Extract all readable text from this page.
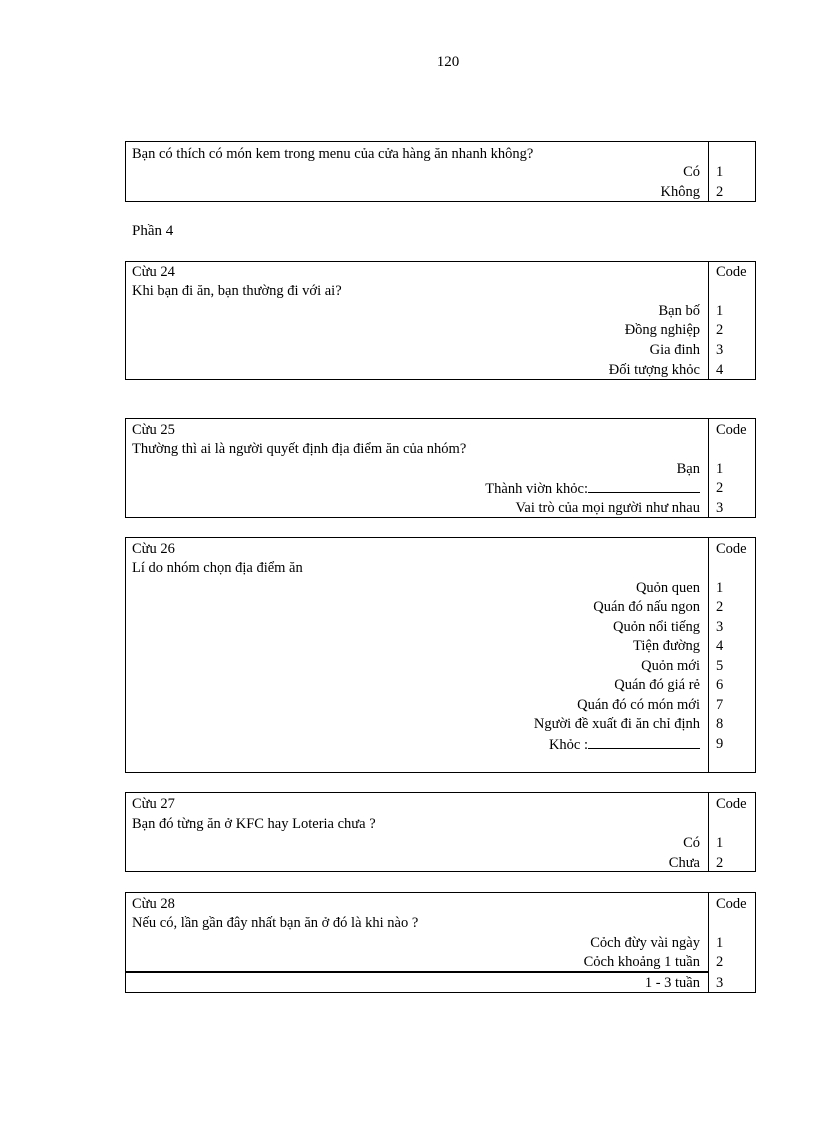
120
Bạn có thích có món kem trong menu của cửa hàng ăn nhanh không?
Có 1
Không 2
Phần 4
Cừu 24	Code
Khi bạn đi ăn, bạn thường đi với ai?
Bạn bố 1
Đồng nghiệp 2
Gia đinh 3
Đối tượng khỏc 4
Cừu 25	Code
Thường thì ai là người quyết định địa điểm ăn của nhóm?
Bạn 1
Thành viờn khỏc:	2
Vai trò của mọi người như nhau 3
Cừu 26	Code
Lí do nhóm chọn địa điểm ăn
Quỏn quen 1
Quán đó nấu ngon 2
Quỏn nổi tiếng 3
Tiện đường 4
Quỏn mới 5
Quán đó giá rẻ 6
Quán đó có món mới 7
Người đề xuất đi ăn chỉ định 8
Khỏc :	9
Cừu 27	Code
Bạn đó từng ăn ở KFC hay Loteria chưa ?
Có 1
Chưa 2
Cừu 28	Code
Nếu có, lần gần đây nhất bạn ăn ở đó là khi nào ?
Cỏch đừy vài ngày 1
Cỏch khoảng 1 tuần 2
1 - 3 tuần 3
